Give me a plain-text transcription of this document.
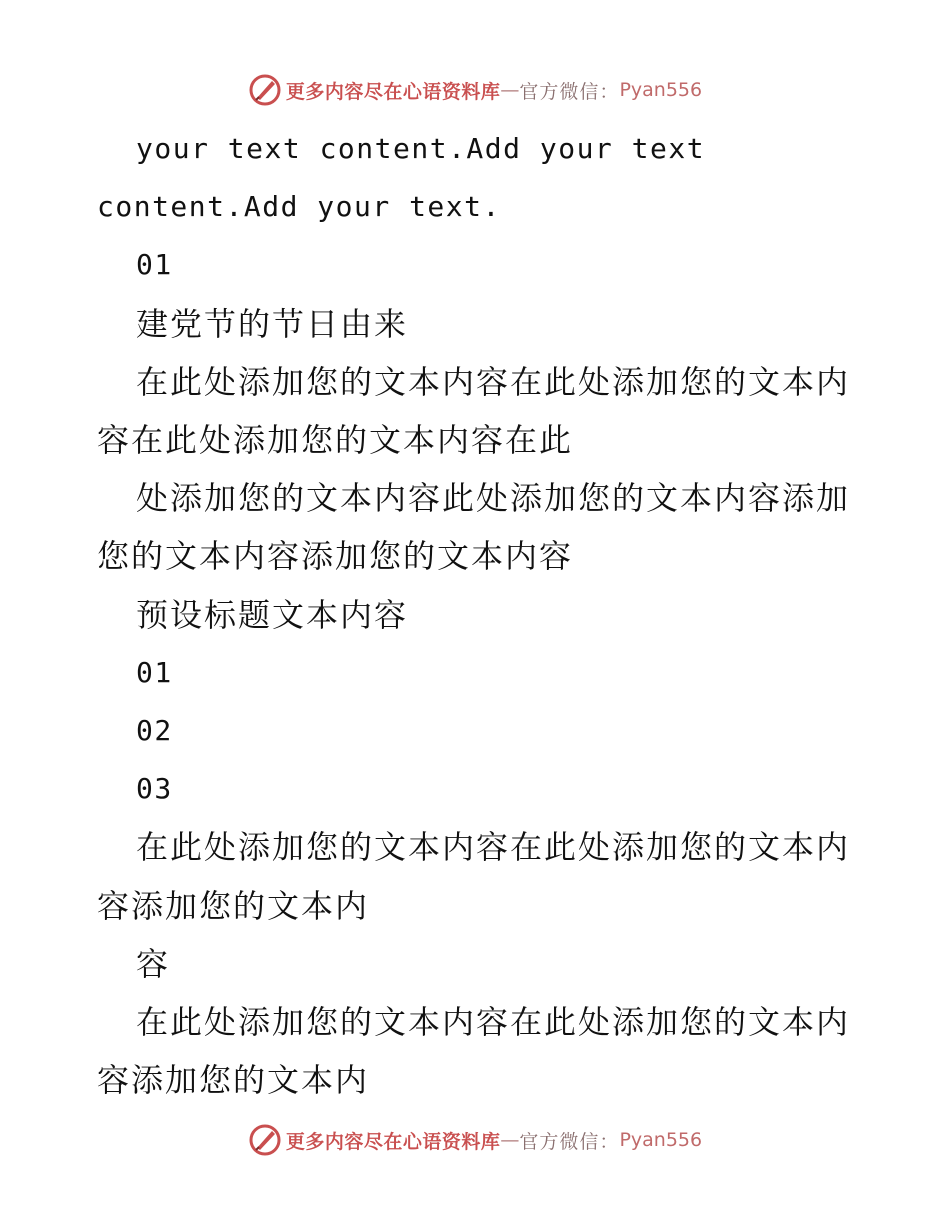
更多内容尽在心语资料库 — 官方微信： Pyan556

your text content.Add your text

content.Add your text.

01

建党节的节日由来

在此处添加您的文本内容在此处添加您的文本内

容在此处添加您的文本内容在此

处添加您的文本内容此处添加您的文本内容添加

您的文本内容添加您的文本内容

预设标题文本内容

01

02

03

在此处添加您的文本内容在此处添加您的文本内

容添加您的文本内

容

在此处添加您的文本内容在此处添加您的文本内

容添加您的文本内

更多内容尽在心语资料库 — 官方微信： Pyan556
